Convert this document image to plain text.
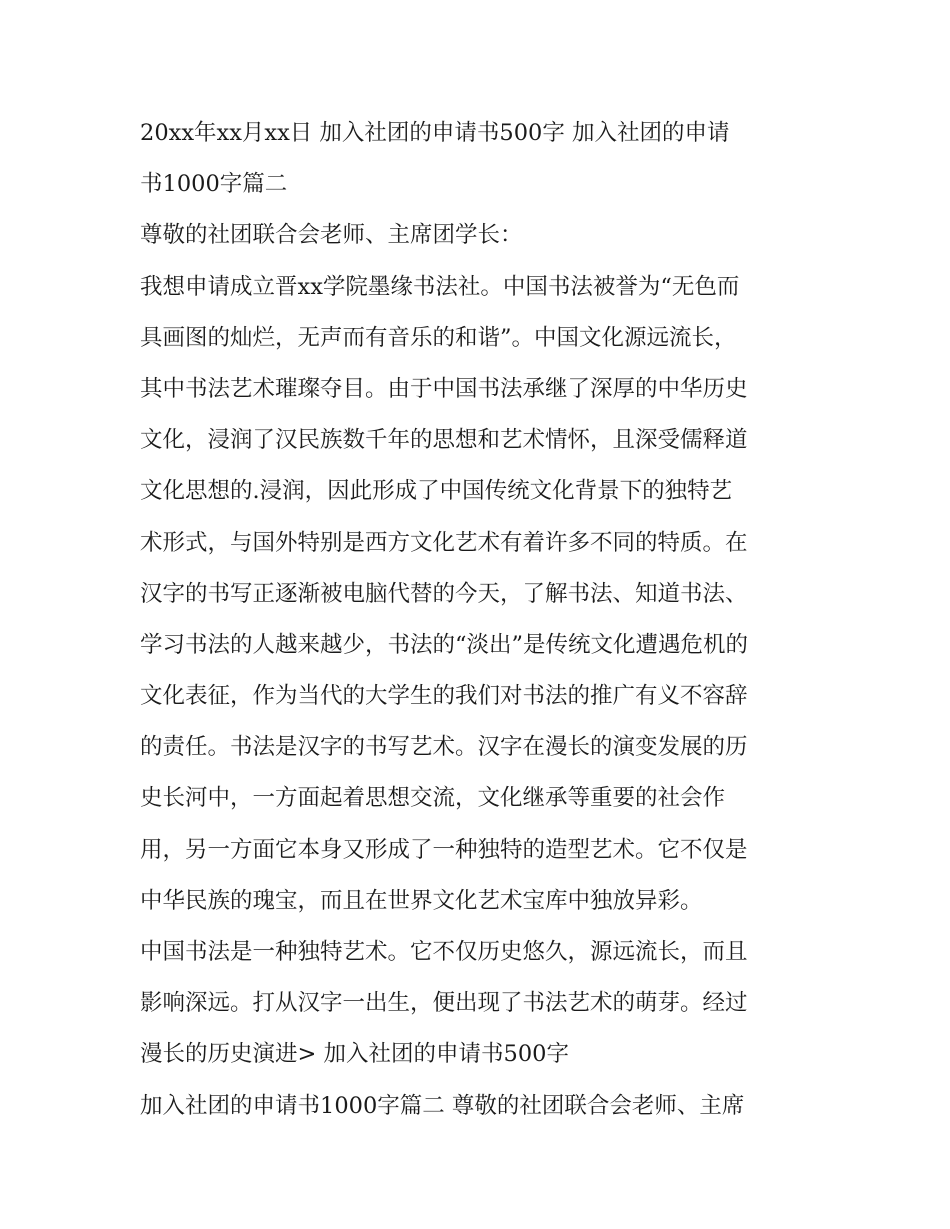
20xx年xx月xx日 加入社团的申请书500字 加入社团的申请
书1000字篇二
尊敬的社团联合会老师、主席团学长：
我想申请成立晋xx学院墨缘书法社。中国书法被誉为“无色而
具画图的灿烂，无声而有音乐的和谐”。中国文化源远流长，
其中书法艺术璀璨夺目。由于中国书法承继了深厚的中华历史
文化，浸润了汉民族数千年的思想和艺术情怀，且深受儒释道
文化思想的.浸润，因此形成了中国传统文化背景下的独特艺
术形式，与国外特别是西方文化艺术有着许多不同的特质。在
汉字的书写正逐渐被电脑代替的今天，了解书法、知道书法、
学习书法的人越来越少，书法的“淡出”是传统文化遭遇危机的
文化表征，作为当代的大学生的我们对书法的推广有义不容辞
的责任。书法是汉字的书写艺术。汉字在漫长的演变发展的历
史长河中，一方面起着思想交流，文化继承等重要的社会作
用，另一方面它本身又形成了一种独特的造型艺术。它不仅是
中华民族的瑰宝，而且在世界文化艺术宝库中独放异彩。
中国书法是一种独特艺术。它不仅历史悠久，源远流长，而且
影响深远。打从汉字一出生，便出现了书法艺术的萌芽。经过
漫长的历史演进> 加入社团的申请书500字
加入社团的申请书1000字篇二 尊敬的社团联合会老师、主席
